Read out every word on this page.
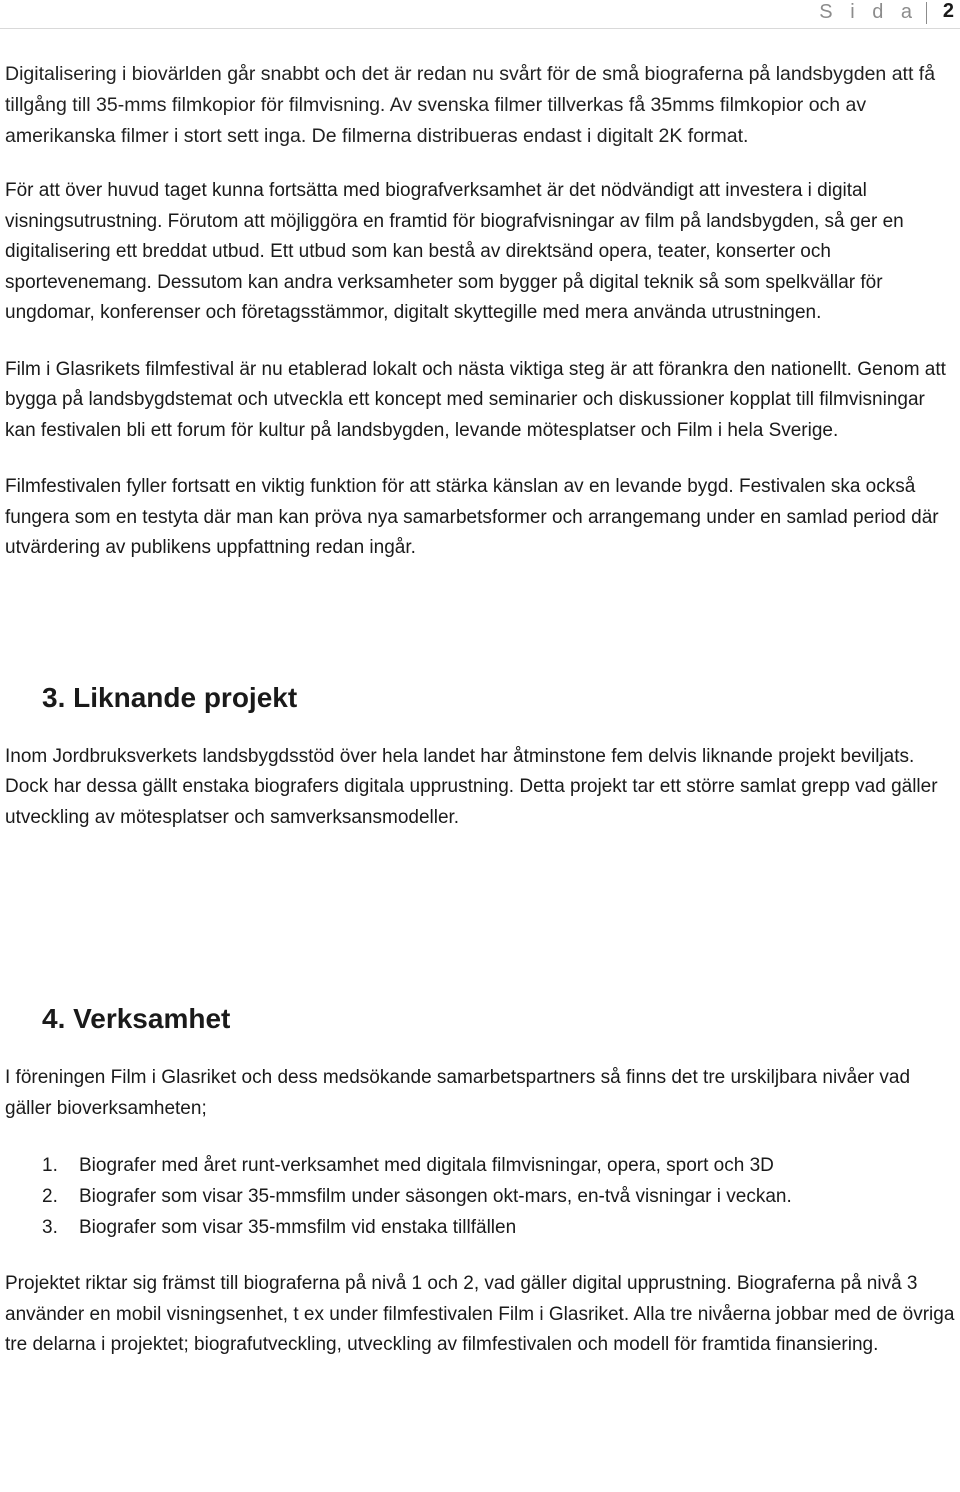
S i d a 2

Digitalisering i biovärlden går snabbt och det är redan nu svårt för de små biograferna på landsbygden att få tillgång till 35-mms filmkopior för filmvisning. Av svenska filmer tillverkas få 35mms filmkopior och av amerikanska filmer i stort sett inga. De filmerna distribueras endast i digitalt 2K format.

För att över huvud taget kunna fortsätta med biografverksamhet är det nödvändigt att investera i digital visningsutrustning. Förutom att möjliggöra en framtid för biografvisningar av film på landsbygden, så ger en digitalisering ett breddat utbud. Ett utbud som kan bestå av direktsänd opera, teater, konserter och sportevenemang. Dessutom kan andra verksamheter som bygger på digital teknik så som spelkvällar för ungdomar, konferenser och företagsstämmor, digitalt skyttegille med mera använda utrustningen.

Film i Glasrikets filmfestival är nu etablerad lokalt och nästa viktiga steg är att förankra den nationellt. Genom att bygga på landsbygdstemat och utveckla ett koncept med seminarier och diskussioner kopplat till filmvisningar kan festivalen bli ett forum för kultur på landsbygden, levande mötesplatser och Film i hela Sverige.

Filmfestivalen fyller fortsatt en viktig funktion för att stärka känslan av en levande bygd. Festivalen ska också fungera som en testyta där man kan pröva nya samarbetsformer och arrangemang under en samlad period där utvärdering av publikens uppfattning redan ingår.

3. Liknande projekt

Inom Jordbruksverkets landsbygdsstöd över hela landet har åtminstone fem delvis liknande projekt beviljats. Dock har dessa gällt enstaka biografers digitala upprustning. Detta projekt tar ett större samlat grepp vad gäller utveckling av mötesplatser och samverksansmodeller.

4. Verksamhet

I föreningen Film i Glasriket och dess medsökande samarbetspartners så finns det tre urskiljbara nivåer vad gäller bioverksamheten;

1. Biografer med året runt-verksamhet med digitala filmvisningar, opera, sport och 3D
2. Biografer som visar 35-mmsfilm under säsongen okt-mars, en-två visningar i veckan.
3. Biografer som visar 35-mmsfilm vid enstaka tillfällen

Projektet riktar sig främst till biograferna på nivå 1 och 2, vad gäller digital upprustning. Biograferna på nivå 3 använder en mobil visningsenhet, t ex under filmfestivalen Film i Glasriket. Alla tre nivåerna jobbar med de övriga tre delarna i projektet; biografutveckling, utveckling av filmfestivalen och modell för framtida finansiering.
